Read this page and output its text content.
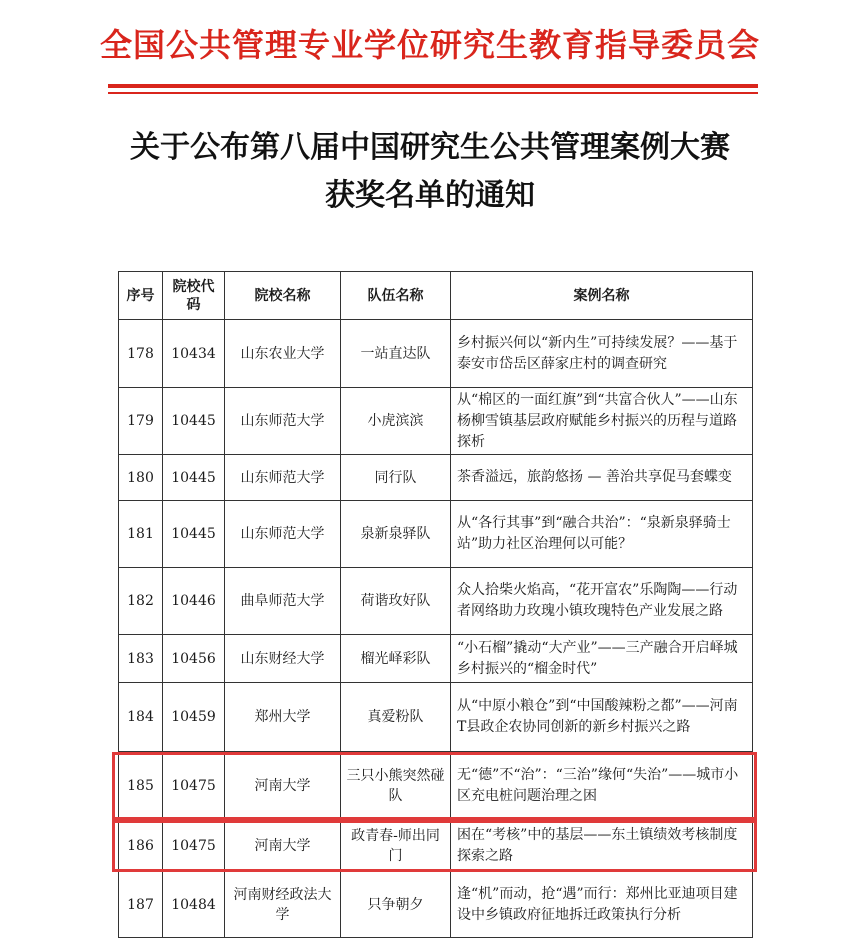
全国公共管理专业学位研究生教育指导委员会
关于公布第八届中国研究生公共管理案例大赛
获奖名单的通知
序号	院校代码	院校名称	队伍名称	案例名称
178	10434	山东农业大学	一站直达队	乡村振兴何以“新内生”可持续发展？——基于泰安市岱岳区薛家庄村的调查研究
179	10445	山东师范大学	小虎滨滨	从“棉区的一面红旗”到“共富合伙人”——山东杨柳雪镇基层政府赋能乡村振兴的历程与道路探析
180	10445	山东师范大学	同行队	茶香溢远，旅韵悠扬 — 善治共享促马套蝶变
181	10445	山东师范大学	泉新泉驿队	从“各行其事”到“融合共治”：“泉新泉驿骑士站”助力社区治理何以可能？
182	10446	曲阜师范大学	荷谐玫好队	众人拾柴火焰高，“花开富农”乐陶陶——行动者网络助力玫瑰小镇玫瑰特色产业发展之路
183	10456	山东财经大学	榴光峄彩队	“小石榴”撬动“大产业”——三产融合开启峄城乡村振兴的“榴金时代”
184	10459	郑州大学	真爱粉队	从“中原小粮仓”到“中国酸辣粉之都”——河南T县政企农协同创新的新乡村振兴之路
185	10475	河南大学	三只小熊突然碰队	无“德”不“治”：“三治”缘何“失治”——城市小区充电桩问题治理之困
186	10475	河南大学	政青春-师出同门	困在“考核”中的基层——东土镇绩效考核制度探索之路
187	10484	河南财经政法大学	只争朝夕	逢“机”而动，抢“遇”而行：郑州比亚迪项目建设中乡镇政府征地拆迁政策执行分析
